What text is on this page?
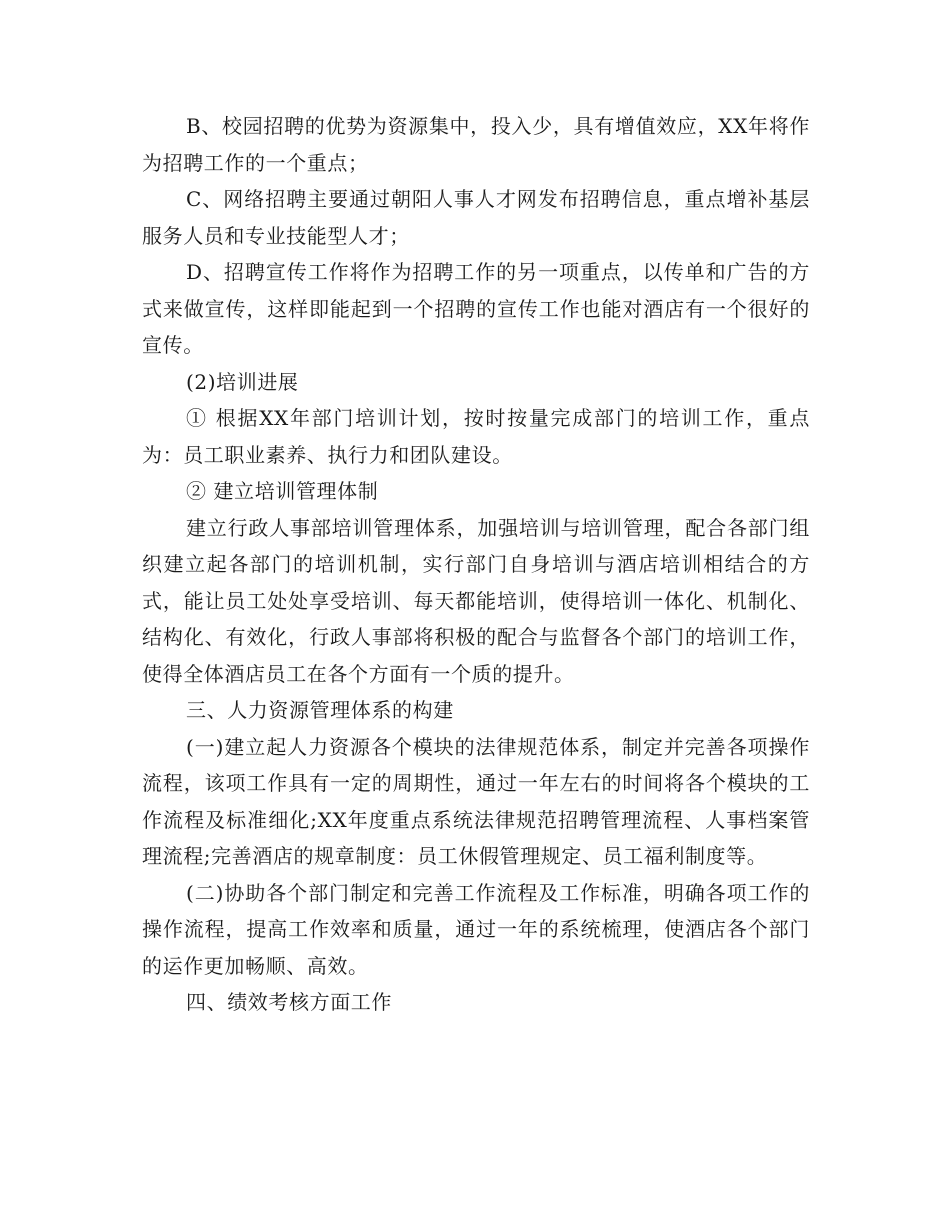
B、校园招聘的优势为资源集中，投入少，具有增值效应，XX年将作为招聘工作的一个重点；

C、网络招聘主要通过朝阳人事人才网发布招聘信息，重点增补基层服务人员和专业技能型人才；

D、招聘宣传工作将作为招聘工作的另一项重点，以传单和广告的方式来做宣传，这样即能起到一个招聘的宣传工作也能对酒店有一个很好的宣传。

(2)培训进展

① 根据XX年部门培训计划，按时按量完成部门的培训工作，重点为：员工职业素养、执行力和团队建设。

② 建立培训管理体制

建立行政人事部培训管理体系，加强培训与培训管理，配合各部门组织建立起各部门的培训机制，实行部门自身培训与酒店培训相结合的方式，能让员工处处享受培训、每天都能培训，使得培训一体化、机制化、结构化、有效化，行政人事部将积极的配合与监督各个部门的培训工作，使得全体酒店员工在各个方面有一个质的提升。

三、人力资源管理体系的构建

(一)建立起人力资源各个模块的法律规范体系，制定并完善各项操作流程，该项工作具有一定的周期性，通过一年左右的时间将各个模块的工作流程及标准细化;XX年度重点系统法律规范招聘管理流程、人事档案管理流程;完善酒店的规章制度：员工休假管理规定、员工福利制度等。

(二)协助各个部门制定和完善工作流程及工作标准，明确各项工作的操作流程，提高工作效率和质量，通过一年的系统梳理，使酒店各个部门的运作更加畅顺、高效。

四、绩效考核方面工作
